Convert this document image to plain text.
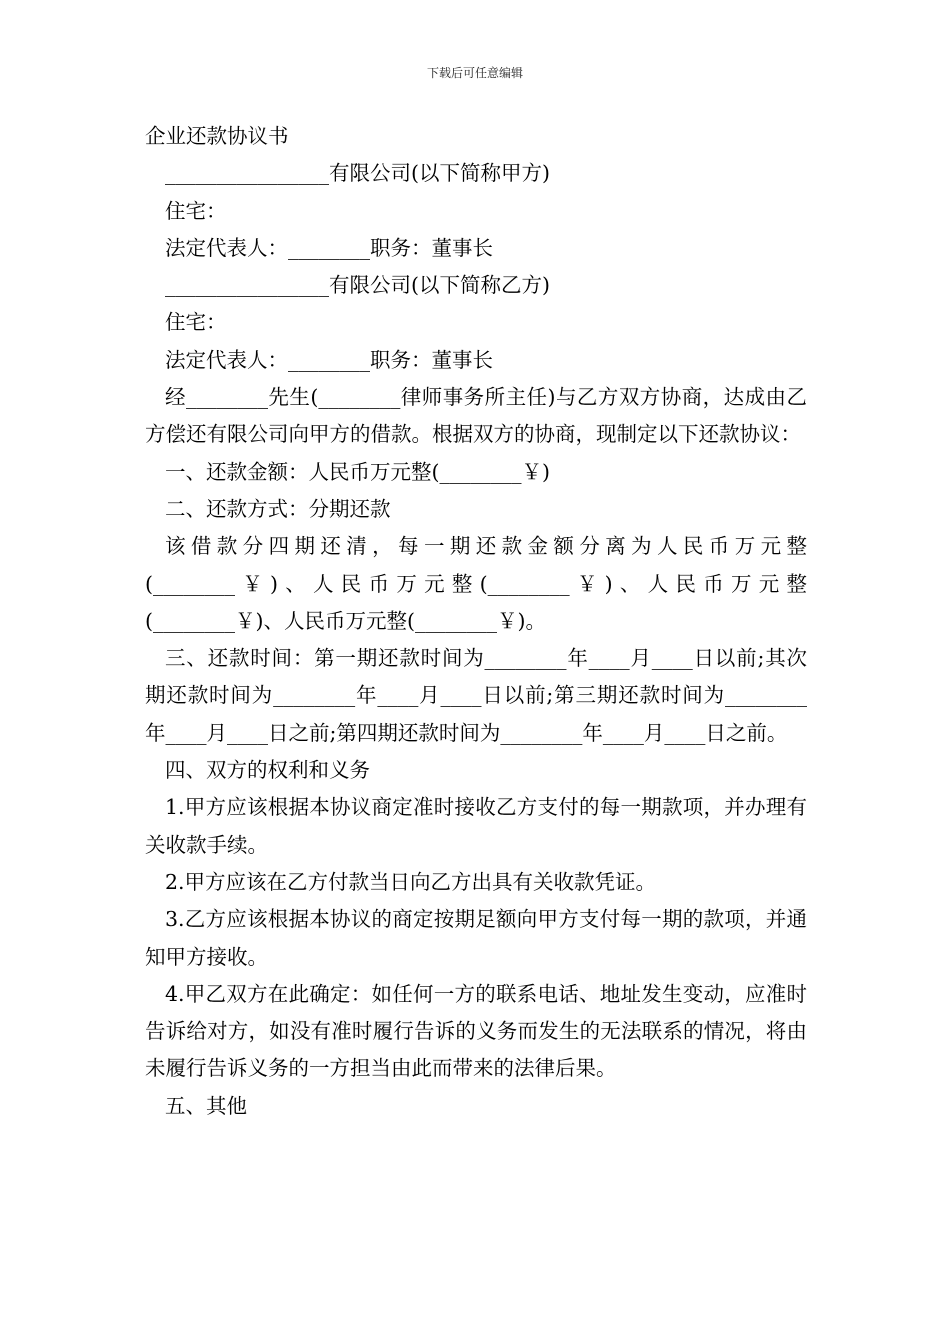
下载后可任意编辑

企业还款协议书

________________有限公司(以下简称甲方)

住宅：

法定代表人：________职务：董事长

________________有限公司(以下简称乙方)

住宅：

法定代表人：________职务：董事长

经________先生(________律师事务所主任)与乙方双方协商，达成由乙方偿还有限公司向甲方的借款。根据双方的协商，现制定以下还款协议：

一、还款金额：人民币万元整(________￥)

二、还款方式：分期还款

该借款分四期还清，每一期还款金额分离为人民币万元整(________￥)、人民币万元整(________￥)、人民币万元整(________￥)、人民币万元整(________￥)。

三、还款时间：第一期还款时间为________年____月____日以前;其次期还款时间为________年____月____日以前;第三期还款时间为________年____月____日之前;第四期还款时间为________年____月____日之前。

四、双方的权利和义务

1.甲方应该根据本协议商定准时接收乙方支付的每一期款项，并办理有关收款手续。

2.甲方应该在乙方付款当日向乙方出具有关收款凭证。

3.乙方应该根据本协议的商定按期足额向甲方支付每一期的款项，并通知甲方接收。

4.甲乙双方在此确定：如任何一方的联系电话、地址发生变动，应准时告诉给对方，如没有准时履行告诉的义务而发生的无法联系的情况，将由未履行告诉义务的一方担当由此而带来的法律后果。

五、其他
